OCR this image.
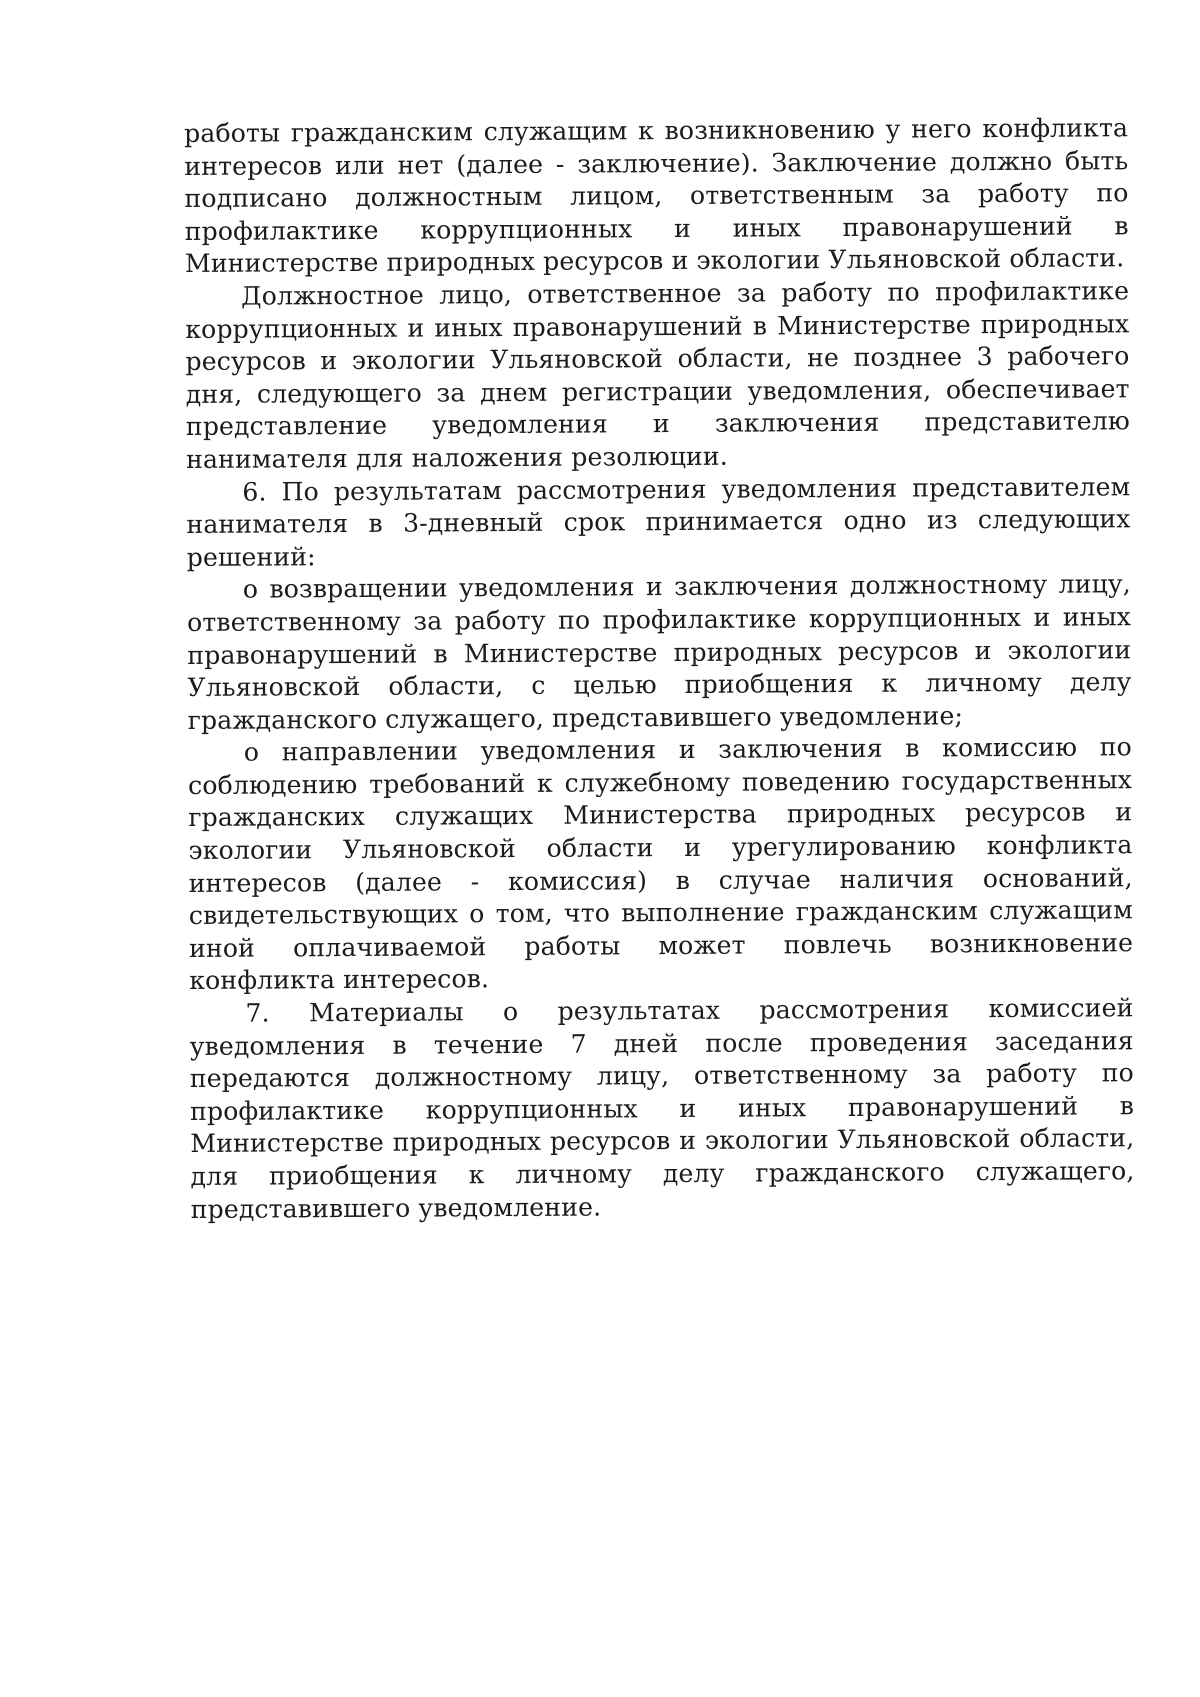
работы гражданским служащим к возникновению у него конфликта интересов или нет (далее - заключение). Заключение должно быть подписано должностным лицом, ответственным за работу по профилактике коррупционных и иных правонарушений в Министерстве природных ресурсов и экологии Ульяновской области.

Должностное лицо, ответственное за работу по профилактике коррупционных и иных правонарушений в Министерстве природных ресурсов и экологии Ульяновской области, не позднее 3 рабочего дня, следующего за днем регистрации уведомления, обеспечивает представление уведомления и заключения представителю нанимателя для наложения резолюции.

6. По результатам рассмотрения уведомления представителем нанимателя в 3-дневный срок принимается одно из следующих решений:

о возвращении уведомления и заключения должностному лицу, ответственному за работу по профилактике коррупционных и иных правонарушений в Министерстве природных ресурсов и экологии Ульяновской области, с целью приобщения к личному делу гражданского служащего, представившего уведомление;

о направлении уведомления и заключения в комиссию по соблюдению требований к служебному поведению государственных гражданских служащих Министерства природных ресурсов и экологии Ульяновской области и урегулированию конфликта интересов (далее - комиссия) в случае наличия оснований, свидетельствующих о том, что выполнение гражданским служащим иной оплачиваемой работы может повлечь возникновение конфликта интересов.

7. Материалы о результатах рассмотрения комиссией уведомления в течение 7 дней после проведения заседания передаются должностному лицу, ответственному за работу по профилактике коррупционных и иных правонарушений в Министерстве природных ресурсов и экологии Ульяновской области, для приобщения к личному делу гражданского служащего, представившего уведомление.
